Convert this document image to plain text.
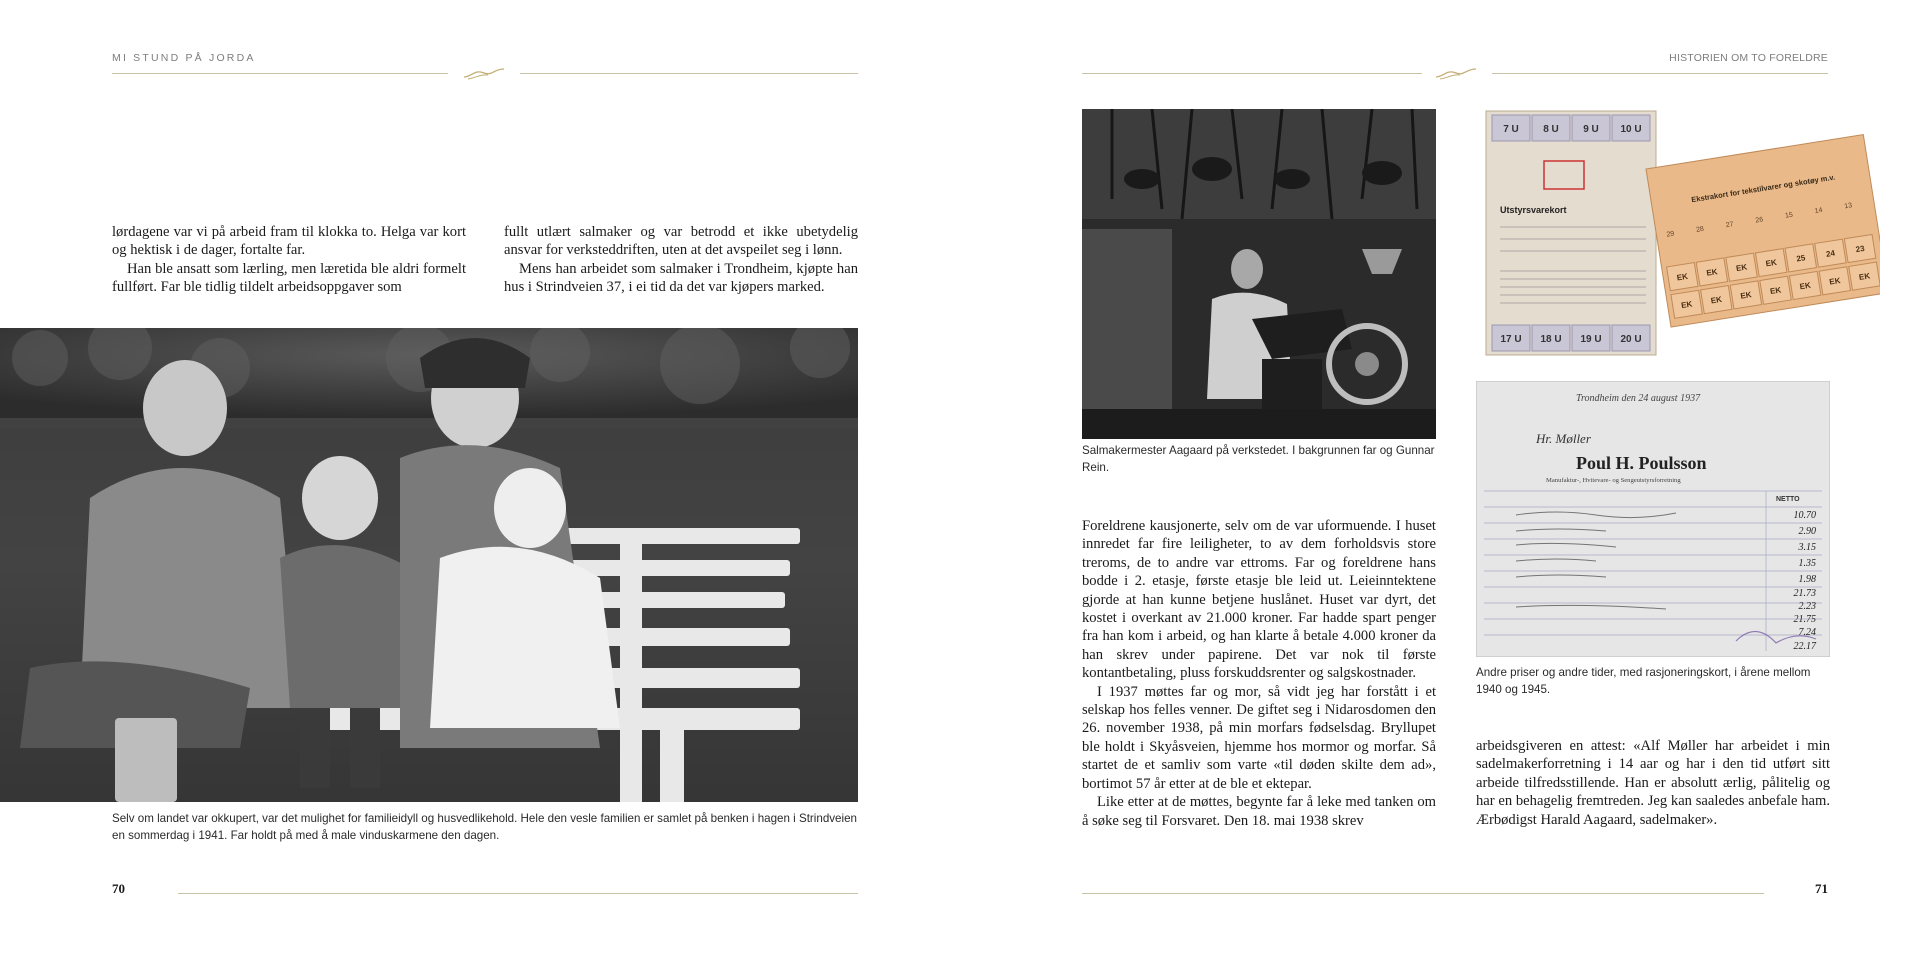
MI STUND PÅ JORDA

lørdagene var vi på arbeid fram til klokka to. Helga var kort og hektisk i de dager, fortalte far.

Han ble ansatt som lærling, men læretida ble aldri formelt fullført. Far ble tidlig tildelt arbeidsoppgaver som

fullt utlært salmaker og var betrodd et ikke ubetydelig ansvar for verksteddriften, uten at det avspeilet seg i lønn.

Mens han arbeidet som salmaker i Trondheim, kjøpte han hus i Strindveien 37, i ei tid da det var kjøpers marked.

Selv om landet var okkupert, var det mulighet for familieidyll og husvedlikehold. Hele den vesle familien er samlet på benken i hagen i Strindveien en sommerdag i 1941. Far holdt på med å male vinduskarmene den dagen.
70
HISTORIEN OM TO FORELDRE
Salmakermester Aagaard på verkstedet. I bakgrunnen far og Gunnar Rein.
7 U 8 U 9 U 10 U
17 U 18 U 19 U 20 U
Utstyrsvarekort
Ekstrakort for tekstilvarer og skotøy m.v.
EK EK EK EK 25 24 23
EK EK EK EK EK EK EK
29
28
27
26
15
14
13
Trondheim den 24 august 1937
Hr. Møller
Poul H. Poulsson
Manufaktur-, Hvitevare- og Sengeutstyrsforretning
NETTO
10.70
2.90
3.15
1.35
1.98
21.73
2.23
21.75
7.24
22.17
Andre priser og andre tider, med rasjoneringskort, i årene mellom 1940 og 1945.

Foreldrene kausjonerte, selv om de var uformuende. I huset innredet far fire leiligheter, to av dem forholdsvis store treroms, de to andre var ettroms. Far og foreldrene hans bodde i 2. etasje, første etasje ble leid ut. Leieinntektene gjorde at han kunne betjene huslånet. Huset var dyrt, det kostet i overkant av 21.000 kroner. Far hadde spart penger fra han kom i arbeid, og han klarte å betale 4.000 kroner da han skrev under papirene. Det var nok til første kontantbetaling, pluss forskuddsrenter og salgskostnader.

I 1937 møttes far og mor, så vidt jeg har forstått i et selskap hos felles venner. De giftet seg i Nidarosdomen den 26. november 1938, på min morfars fødselsdag. Bryllupet ble holdt i Skyåsveien, hjemme hos mormor og morfar. Så startet de et samliv som varte «til døden skilte dem ad», bortimot 57 år etter at de ble et ektepar.

Like etter at de møttes, begynte far å leke med tanken om å søke seg til Forsvaret. Den 18. mai 1938 skrev

arbeidsgiveren en attest: «Alf Møller har arbeidet i min sadelmakerforretning i 14 aar og har i den tid utført sitt arbeide tilfredsstillende. Han er absolutt ærlig, pålitelig og har en behagelig fremtreden. Jeg kan saaledes anbefale ham. Ærbødigst Harald Aagaard, sadelmaker».

71
